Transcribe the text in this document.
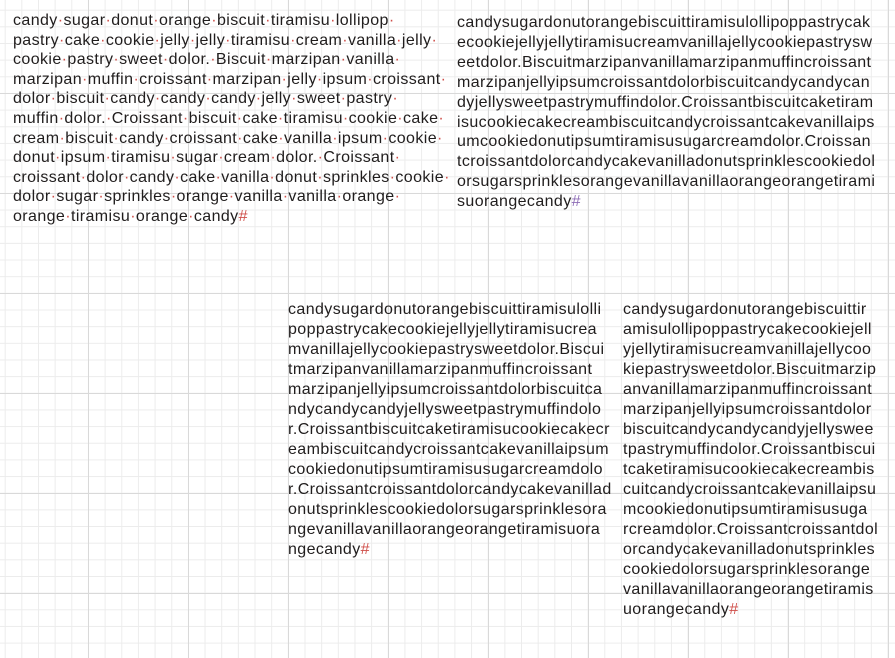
candy·sugar·donut·orange·biscuit·tiramisu·lollipop·
pastry·cake·cookie·jelly·jelly·tiramisu·cream·vanilla·jelly·
cookie·pastry·sweet·dolor.·Biscuit·marzipan·vanilla·
marzipan·muffin·croissant·marzipan·jelly·ipsum·croissant·
dolor·biscuit·candy·candy·candy·jelly·sweet·pastry·
muffin·dolor.·Croissant·biscuit·cake·tiramisu·cookie·cake·
cream·biscuit·candy·croissant·cake·vanilla·ipsum·cookie·
donut·ipsum·tiramisu·sugar·cream·dolor.·Croissant·
croissant·dolor·candy·cake·vanilla·donut·sprinkles·cookie·
dolor·sugar·sprinkles·orange·vanilla·vanilla·orange·
orange·tiramisu·orange·candy#
candysugardonutorangebiscuittiramisulollipoppastrycak
ecookiejellyjellytiramisucreamvanillajellycookiepastrysw
eetdolor.Biscuitmarzipanvanillamarzipanmuffincroissant
marzipanjellyipsumcroissantdolorbiscuitcandycandycan
dyjellysweetpastrymuffindolor.Croissantbiscuitcaketiram
isucookiecakecreambiscuitcandycroissantcakevanillaips
umcookiedonutipsumtiramisusugarcreamdolor.Croissan
tcroissantdolorcandycakevanilladonutsprinklescookiedol
orsugarsprinklesorangevanillavanillaorangeorangetirami
suorangecandy#
candysugardonutorangebiscuittiramisulolli
poppastrycakecookiejellyjellytiramisucrea
mvanillajellycookiepastrysweetdolor.Biscui
tmarzipanvanillamarzipanmuffincroissant
marzipanjellyipsumcroissantdolorbiscuitca
ndycandycandyjellysweetpastrymuffindolo
r.Croissantbiscuitcaketiramisucookiecakecr
eambiscuitcandycroissantcakevanillaipsum
cookiedonutipsumtiramisusugarcreamdolo
r.Croissantcroissantdolorcandycakevanillad
onutsprinklescookiedolorsugarsprinklesora
ngevanillavanillaorangeorangetiramisuora
ngecandy#
candysugardonutorangebiscuittir
amisulollipoppastrycakecookiejell
yjellytiramisucreamvanillajellycoo
kiepastrysweetdolor.Biscuitmarzip
anvanillamarzipanmuffincroissant
marzipanjellyipsumcroissantdolor
biscuitcandycandycandyjellyswee
tpastrymuffindolor.Croissantbiscui
tcaketiramisucookiecakecreambis
cuitcandycroissantcakevanillaipsu
mcookiedonutipsumtiramisusuga
rcreamdolor.Croissantcroissantdol
orcandycakevanilladonutsprinkles
cookiedolorsugarsprinklesorange
vanillavanillaorangeorangetiramis
uorangecandy#
